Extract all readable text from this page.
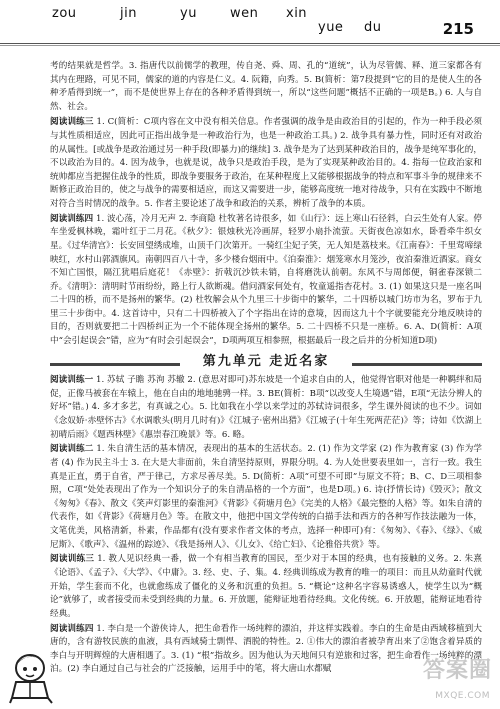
zou	jin	yu	wen xin
yue du	215

考的结果就是哲学。3. 指唐代以前儒学的教理，传自尧、舜、周、孔的“道统”，认为尽管儒、释、道三家都各有其内在理路，可见不同，儒家的道的内容是仁义。4. 阮籍，向秀。5. B(简析：第7段提到“它的目的是使人生的各种矛盾得到统一”，而不是使世界上存在的各种矛盾得到统一，所以“这些问题”概括不正确的一项是B。) 6. 人与自然、社会。

阅读训练三 1. C(简析：C项内容在文中没有相关信息。作者强调的战争是由政治目的引起的，作为一种手段必须与其性质相适应，因此可正指出战争是一种政治行为，也是一种政治工具。) 2. 战争具有暴力性，同时还有对政治的从属性。[或战争是政治通过另一种手段(即暴力)的继续] 3. 战争是为了达到某种政治目的，战争是纯军事化的，不以政治为目的。4. 因为战争，也就是说，战争只是政治手段，是为了实现某种政治目的。4. 指每一位政治家和统帅都应当把握住战争的性质，即战争要服务于政治，在某种程度上又能够根据战争的特点和军事斗争的规律来不断修正政治目的，使之与战争的需要相适应，而这又需要进一步，能够高度统一地对待战争，只有在实践中不断地对符合当时情况的战争。5. 作者主要论述了战争和政治的关系，辨析了战争的本质。

阅读训练四 1. 波心荡，冷月无声 2. 李商隐 杜牧著名诗很多，如《山行》：远上寒山石径斜，白云生处有人家。停车坐爱枫林晚，霜叶红于二月花。《秋夕》：银烛秋光冷画屏，轻罗小扇扑流萤。天街夜色凉如水，卧看牵牛织女星。《过华清宫》：长安回望绣成堆，山顶千门次第开。一骑红尘妃子笑，无人知是荔枝来。《江南春》：千里莺啼绿映红，水村山郭酒旗风。南朝四百八十寺，多少楼台烟雨中。《泊秦淮》：烟笼寒水月笼沙，夜泊秦淮近酒家。商女不知亡国恨，隔江犹唱后庭花！《赤壁》：折戟沉沙铁未销，自将磨洗认前朝。东风不与周郎便，铜雀春深锁二乔。《清明》：清明时节雨纷纷，路上行人欲断魂。借问酒家何处有，牧童遥指杏花村。3. (1) 如果这只是一座名叫二十四的桥，而不是扬州的繁华。(2) 杜牧解会从个九里三十步街中的繁华，二十四桥以城门坊市为名，罗布于九里三十步街中。4. 这首诗中，只有二十四桥被入了个字指出在诗的意境，因而这九十个字就要能充分地反映诗的目的，否则就要把二十四桥纠正为一个不能体现全扬州的繁华。5. 二十四桥不只是一座桥。6. A、D(简析：A项中“会引起误会”错，应为“有时会引起误会”，D项两项互相参照，根据最后一段之后并的分析知道D项)

第九单元 走近名家

阅读训练一 1. 苏轼 子瞻 苏洵 苏辙 2. (意思对即可)苏东坡是一个追求自由的人，他觉得官职对他是一种羁绊和局促，正像马被套在车辕上，他在自由的地地驰骋一样。3. BE(简析：B项“以改变人生境遇”错，E项“无法分辨人的好坏”错。) 4. 多才多艺，有真诚之心。5. 比如我在小学以来学过的苏轼诗词很多，学生课外阅读的也不少。词如《念奴娇·赤壁怀古》《水调歌头(明月几时有)》《江城子·密州出猎》《江城子(十年生死两茫茫)》等；诗如《饮湖上初晴后雨》《题西林壁》《惠崇春江晚景》等。6. 略。

阅读训练二 1. 朱自清生活的基本情况，表现出的基本的生活状态。2. (1) 作为文学家 (2) 作为教育家 (3) 作为学者 (4) 作为民主斗士 3. 在大是大非面前，朱自清坚持原则，界限分明。4. 为人处世要表里如一，言行一致。我生真是正直，勇于自省，严于律己，方求尽善尽美。5. D(简析：A项“可望不可即”与原文不符；B、C、D三项相参照，C项“处处表现出了作为一个知识分子的朱自清品格的一个方面”，也是D项。) 6. 诗(抒情长诗)《毁灭》；散文《匆匆》《春》、散文《笑声灯影里的秦淮河》《背影》《荷塘月色》《完美的人格》《最完整的人格》等。如朱自清的代表作，如《背影》《荷塘月色》等。在散文中，他把中国文学传统的白描手法和西方的各种写作技法融为一体，文笔优美，风格清新，朴素，作品都有(没有要求作者文体的考点，选择一种即可)有：《匆匆》、《春》、《绿》、《威尼斯》、《歌声》、《温州的踪迹》、《我是扬州人》、《儿女》、《给亡妇》、《论雅俗共赏》等。

阅读训练三 1. 教人见识经典一番，做一个有相当教育的国民，至少对于本国的经典，也有接触的义务。2. 朱熹《论语》、《孟子》、《大学》、《中庸》。3. 经、史、子、集。4. 经典训练成为教育的唯一的项目：而且从幼童时代就开始，学生套而不化，也就愈练成了僵化的义务和沉重的负担。5. “概论”这种名字容易诱惑人，使学生以为“概论”就够了，或者接受而未受到经典的力量。6. 开放题，能辩证地看待经典。文化传统。6. 开放题，能辩证地看待经典。

阅读训练四 1. 李白是一个游侠诗人，把生命看作一场纯粹的漂泊，并这样实践着。李白的生命是由西域移植到大唐的，含有游牧民族的血液，具有西域骑士剽悍、洒脱的特性。2. ①伟大的漂泊者被孕育出来了②饱含着异质的李白与开明辉煌的大唐相遇了。3. (1) “根”指故乡。因为他认为天地间只有逆旅和过客，把生命看作一场纯粹的漂泊。(2) 李白通过自己与社会的广泛接触，运用手中的笔，将大唐山水都赋	答案圈
MXQE.COM
